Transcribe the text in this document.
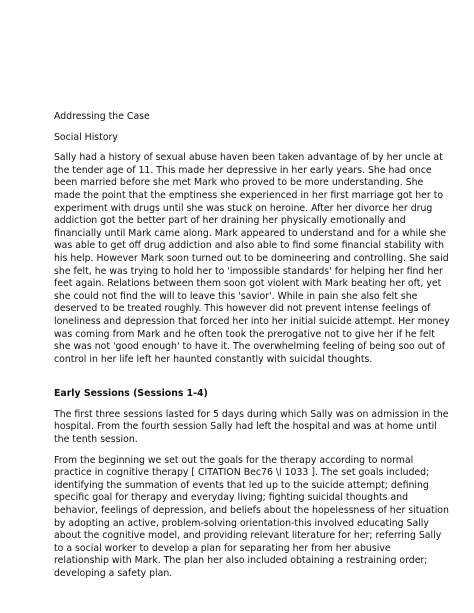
Addressing the Case

Social History

Sally had a history of sexual abuse haven been taken advantage of by her uncle at
the tender age of 11. This made her depressive in her early years. She had once
been married before she met Mark who proved to be more understanding. She
made the point that the emptiness she experienced in her first marriage got her to
experiment with drugs until she was stuck on heroine. After her divorce her drug
addiction got the better part of her draining her physically emotionally and
financially until Mark came along. Mark appeared to understand and for a while she
was able to get off drug addiction and also able to find some financial stability with
his help. However Mark soon turned out to be domineering and controlling. She said
she felt, he was trying to hold her to 'impossible standards' for helping her find her
feet again. Relations between them soon got violent with Mark beating her oft, yet
she could not find the will to leave this 'savior'. While in pain she also felt she
deserved to be treated roughly. This however did not prevent intense feelings of
loneliness and depression that forced her into her initial suicide attempt. Her money
was coming from Mark and he often took the prerogative not to give her if he felt
she was not 'good enough' to have it. The overwhelming feeling of being soo out of
control in her life left her haunted constantly with suicidal thoughts.

Early Sessions (Sessions 1-4)

The first three sessions lasted for 5 days during which Sally was on admission in the
hospital. From the fourth session Sally had left the hospital and was at home until
the tenth session.
From the beginning we set out the goals for the therapy according to normal
practice in cognitive therapy [ CITATION Bec76 \l 1033 ]. The set goals included;
identifying the summation of events that led up to the suicide attempt; defining
specific goal for therapy and everyday living; fighting suicidal thoughts and
behavior, feelings of depression, and beliefs about the hopelessness of her situation
by adopting an active, problem-solving orientation-this involved educating Sally
about the cognitive model, and providing relevant literature for her; referring Sally
to a social worker to develop a plan for separating her from her abusive
relationship with Mark. The plan her also included obtaining a restraining order;
developing a safety plan.
